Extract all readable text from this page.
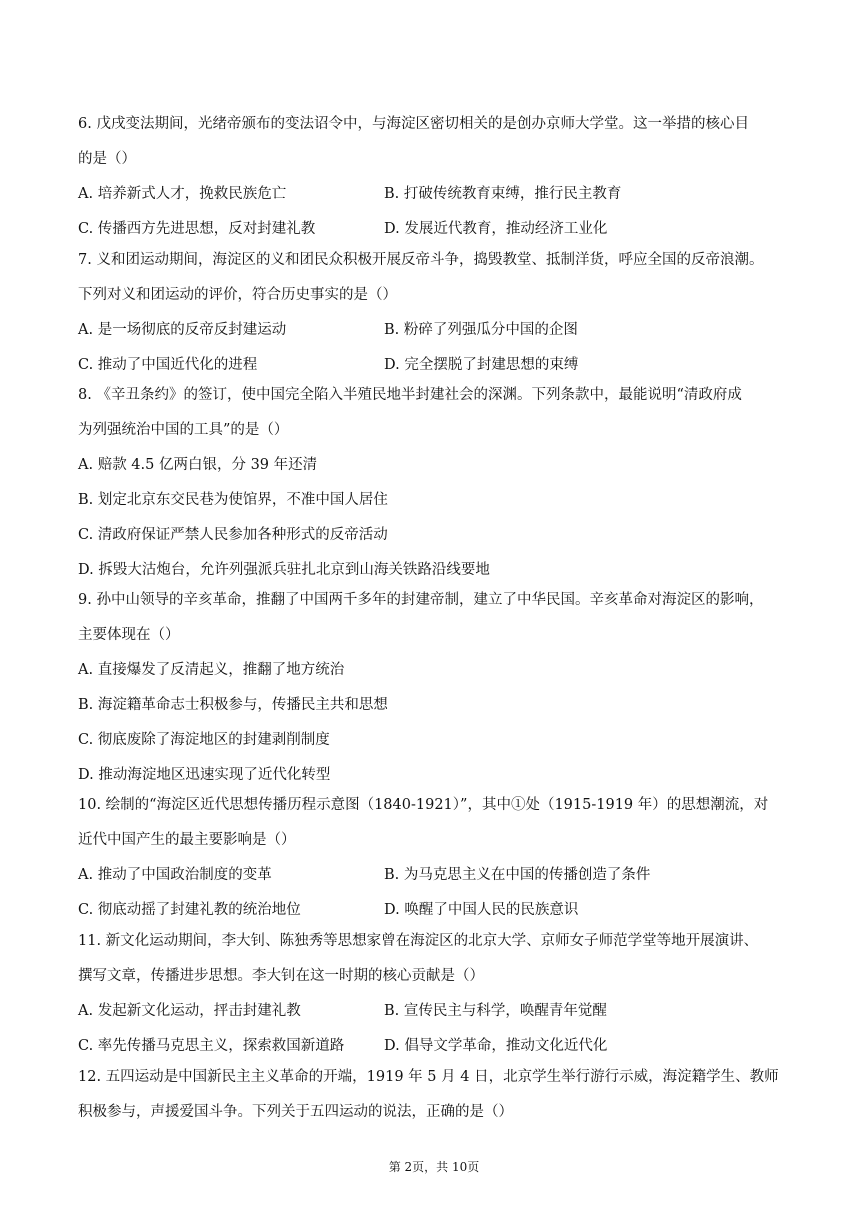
6. 戊戌变法期间，光绪帝颁布的变法诏令中，与海淀区密切相关的是创办京师大学堂。这一举措的核心目
的是（）
A. 培养新式人才，挽救民族危亡	B. 打破传统教育束缚，推行民主教育
C. 传播西方先进思想，反对封建礼教	D. 发展近代教育，推动经济工业化
7. 义和团运动期间，海淀区的义和团民众积极开展反帝斗争，捣毁教堂、抵制洋货，呼应全国的反帝浪潮。
下列对义和团运动的评价，符合历史事实的是（）
A. 是一场彻底的反帝反封建运动	B. 粉碎了列强瓜分中国的企图
C. 推动了中国近代化的进程	D. 完全摆脱了封建思想的束缚
8. 《辛丑条约》的签订，使中国完全陷入半殖民地半封建社会的深渊。下列条款中，最能说明“清政府成
为列强统治中国的工具”的是（）
A. 赔款 4.5 亿两白银，分 39 年还清
B. 划定北京东交民巷为使馆界，不准中国人居住
C. 清政府保证严禁人民参加各种形式的反帝活动
D. 拆毁大沽炮台，允许列强派兵驻扎北京到山海关铁路沿线要地
9. 孙中山领导的辛亥革命，推翻了中国两千多年的封建帝制，建立了中华民国。辛亥革命对海淀区的影响，
主要体现在（）
A. 直接爆发了反清起义，推翻了地方统治
B. 海淀籍革命志士积极参与，传播民主共和思想
C. 彻底废除了海淀地区的封建剥削制度
D. 推动海淀地区迅速实现了近代化转型
10. 绘制的“海淀区近代思想传播历程示意图（1840-1921）”，其中①处（1915-1919 年）的思想潮流，对
近代中国产生的最主要影响是（）
A. 推动了中国政治制度的变革	B. 为马克思主义在中国的传播创造了条件
C. 彻底动摇了封建礼教的统治地位	D. 唤醒了中国人民的民族意识
11. 新文化运动期间，李大钊、陈独秀等思想家曾在海淀区的北京大学、京师女子师范学堂等地开展演讲、
撰写文章，传播进步思想。李大钊在这一时期的核心贡献是（）
A. 发起新文化运动，抨击封建礼教	B. 宣传民主与科学，唤醒青年觉醒
C. 率先传播马克思主义，探索救国新道路	D. 倡导文学革命，推动文化近代化
12. 五四运动是中国新民主主义革命的开端，1919 年 5 月 4 日，北京学生举行游行示威，海淀籍学生、教师
积极参与，声援爱国斗争。下列关于五四运动的说法，正确的是（）
第 2页，共 10页
